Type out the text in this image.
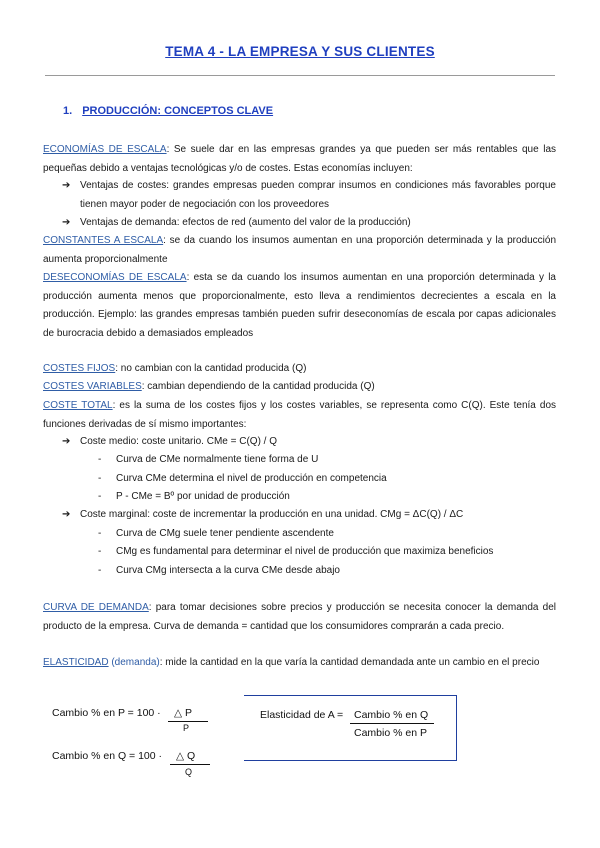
TEMA 4 - LA EMPRESA Y SUS CLIENTES
1. PRODUCCIÓN: CONCEPTOS CLAVE

ECONOMÍAS DE ESCALA: Se suele dar en las empresas grandes ya que pueden ser más rentables que las pequeñas debido a ventajas tecnológicas y/o de costes. Estas economías incluyen:

➔ Ventajas de costes: grandes empresas pueden comprar insumos en condiciones más favorables porque tienen mayor poder de negociación con los proveedores

➔ Ventajas de demanda: efectos de red (aumento del valor de la producción)

CONSTANTES A ESCALA: se da cuando los insumos aumentan en una proporción determinada y la producción aumenta proporcionalmente

DESECONOMÍAS DE ESCALA: esta se da cuando los insumos aumentan en una proporción determinada y la producción aumenta menos que proporcionalmente, esto lleva a rendimientos decrecientes a escala en la producción. Ejemplo: las grandes empresas también pueden sufrir deseconomías de escala por capas adicionales de burocracia debido a demasiados empleados

COSTES FIJOS: no cambian con la cantidad producida (Q)

COSTES VARIABLES: cambian dependiendo de la cantidad producida (Q)

COSTE TOTAL: es la suma de los costes fijos y los costes variables, se representa como C(Q). Este tenía dos funciones derivadas de sí mismo importantes:

➔ Coste medio: coste unitario. CMe = C(Q) / Q
- Curva de CMe normalmente tiene forma de U
- Curva CMe determina el nivel de producción en competencia
- P - CMe = Bº por unidad de producción
➔ Coste marginal: coste de incrementar la producción en una unidad. CMg = ΔC(Q) / ΔC
- Curva de CMg suele tener pendiente ascendente
- CMg es fundamental para determinar el nivel de producción que maximiza beneficios
- Curva CMg intersecta a la curva CMe desde abajo

CURVA DE DEMANDA: para tomar decisiones sobre precios y producción se necesita conocer la demanda del producto de la empresa. Curva de demanda = cantidad que los consumidores comprarán a cada precio.

ELASTICIDAD (demanda): mide la cantidad en la que varía la cantidad demandada ante un cambio en el precio

Cambio % en P = 100 · △ P
P
Cambio % en Q = 100 · △ Q
Q
Elasticidad de A = Cambio % en Q
Cambio % en P
